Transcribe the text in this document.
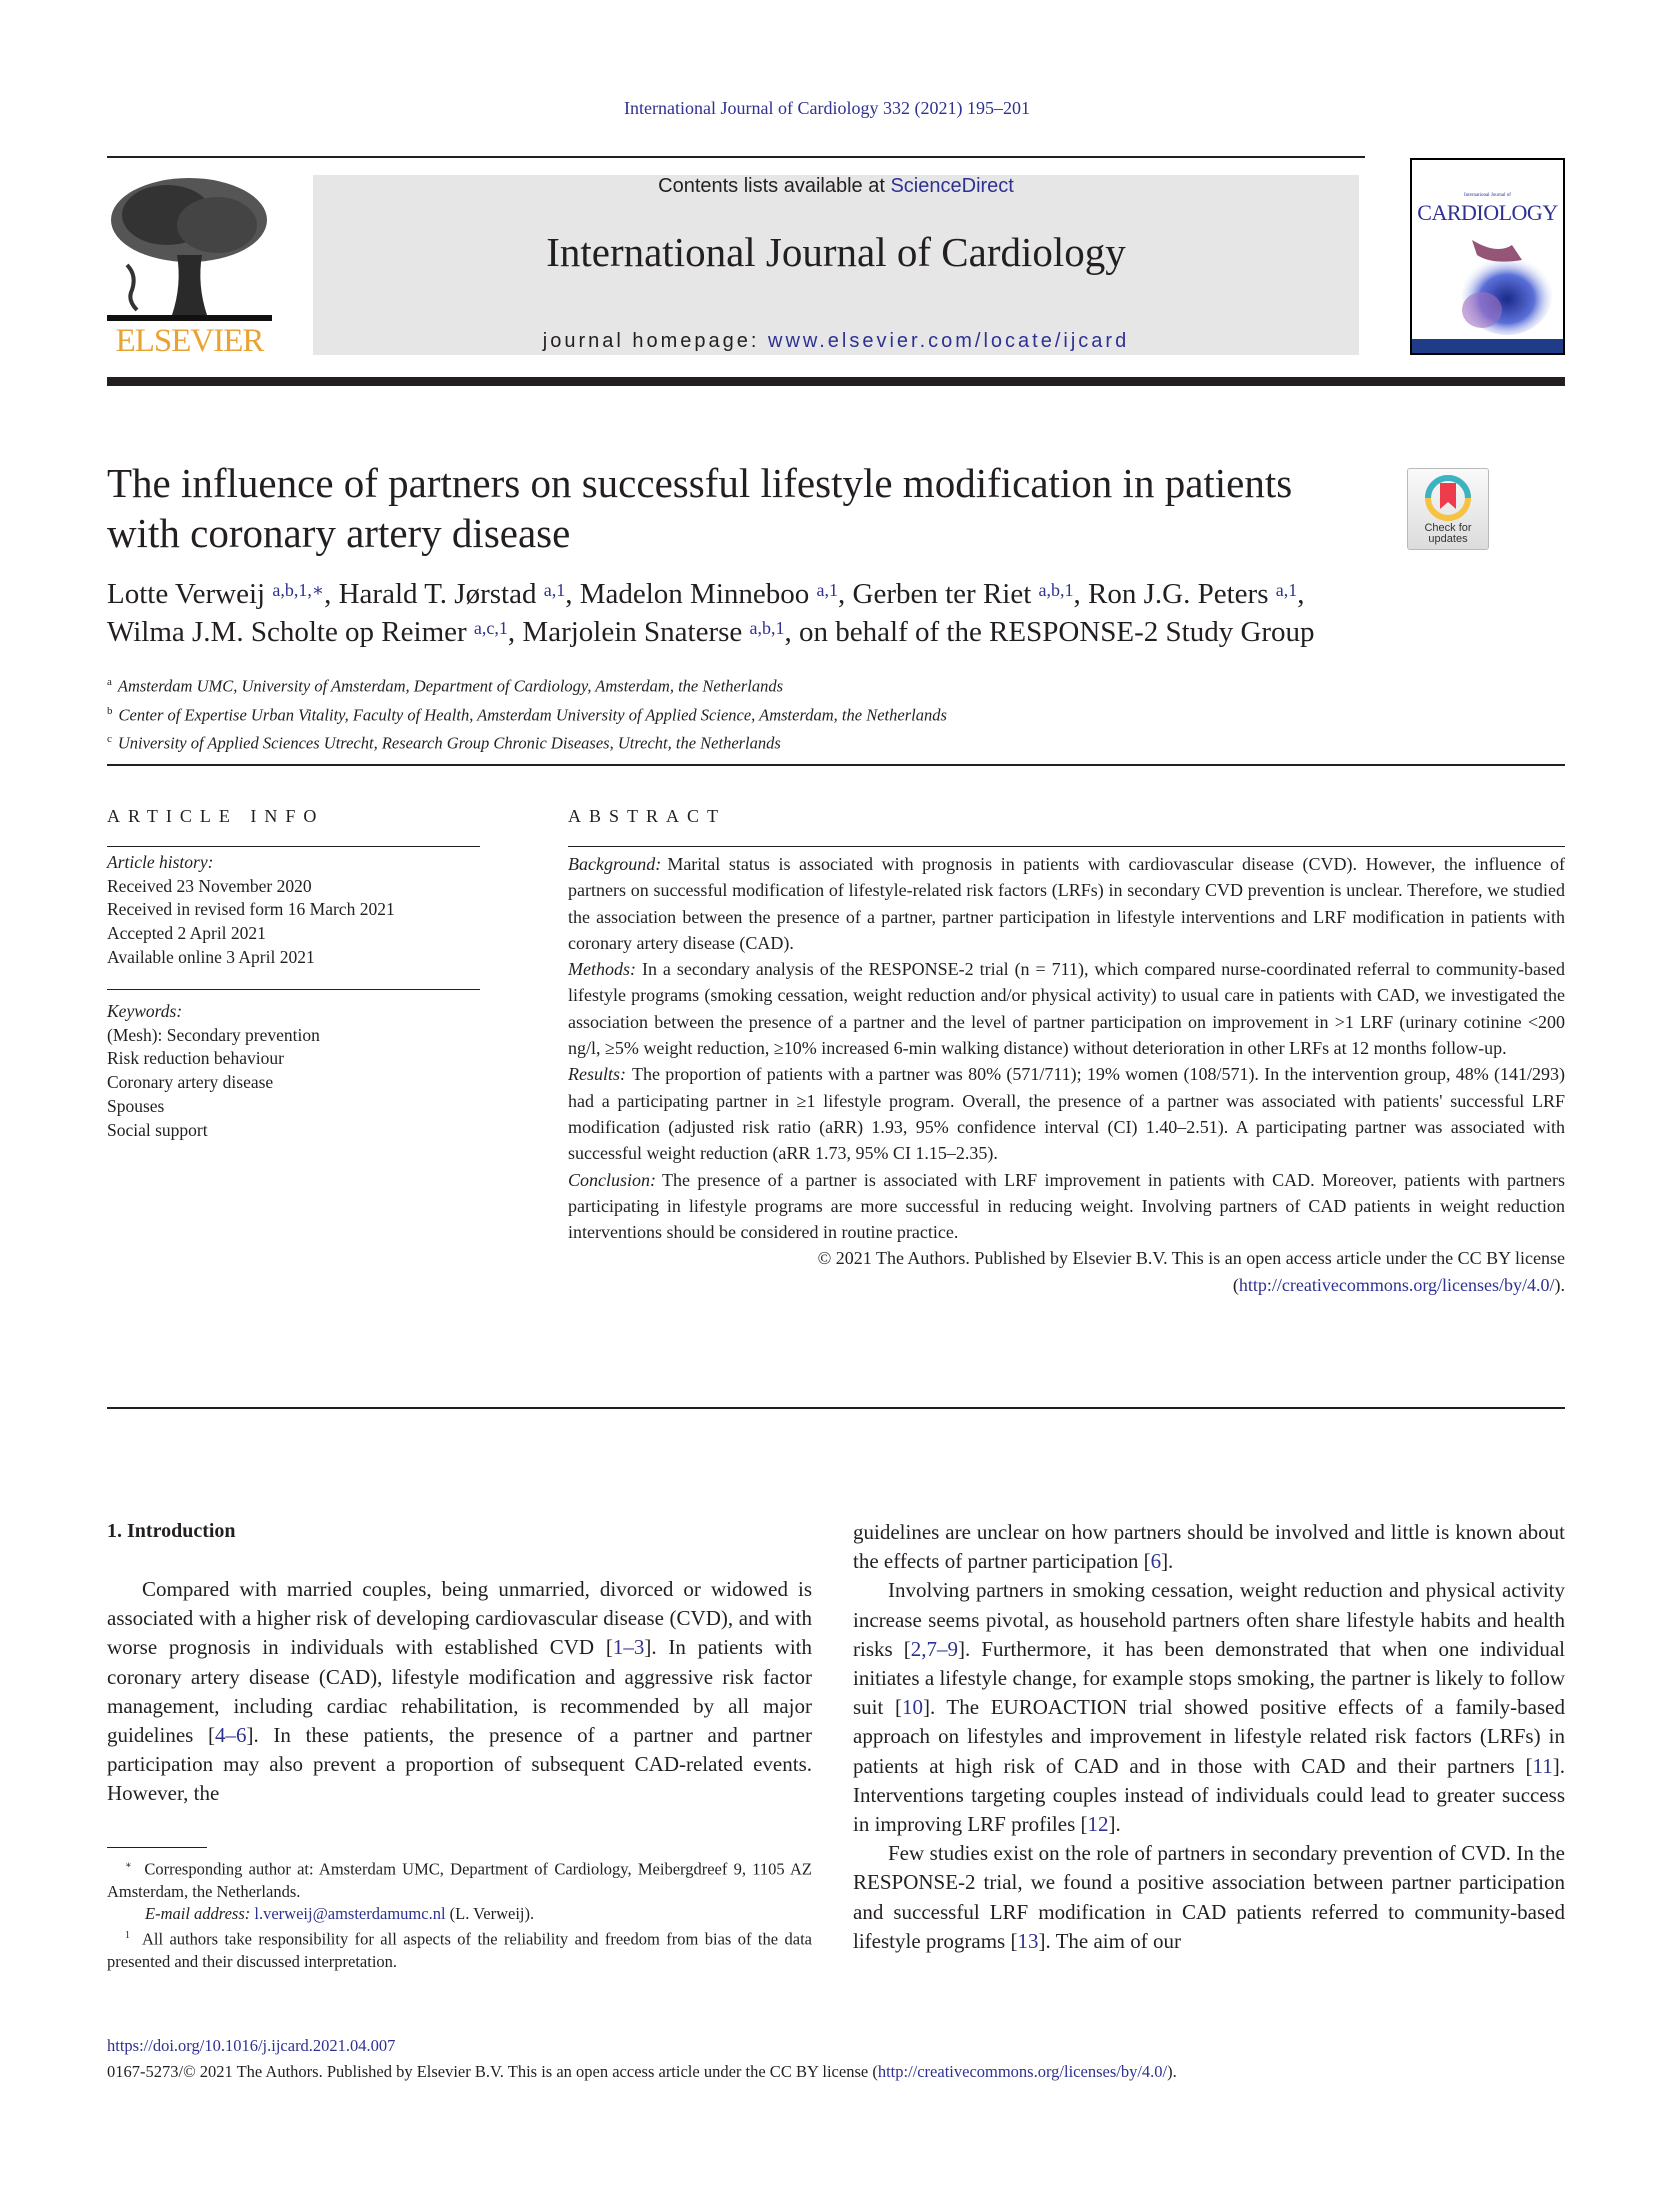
International Journal of Cardiology 332 (2021) 195–201
ELSEVIER
Contents lists available at ScienceDirect
International Journal of Cardiology
journal homepage: www.elsevier.com/locate/ijcard
International Journal of
CARDIOLOGY
The influence of partners on successful lifestyle modification in patients with coronary artery disease	Check for
updates
Lotte Verweij $^{a,b,1,∗}$, Harald T. Jørstad $^{a,1}$, Madelon Minneboo $^{a,1}$, Gerben ter Riet $^{a,b,1}$, Ron J.G. Peters $^{a,1}$,
Wilma J.M. Scholte op Reimer $^{a,c,1}$, Marjolein Snaterse $^{a,b,1}$, on behalf of the RESPONSE-2 Study Group
$^a$ Amsterdam UMC, University of Amsterdam, Department of Cardiology, Amsterdam, the Netherlands
$^b$ Center of Expertise Urban Vitality, Faculty of Health, Amsterdam University of Applied Science, Amsterdam, the Netherlands
$^c$ University of Applied Sciences Utrecht, Research Group Chronic Diseases, Utrecht, the Netherlands
ARTICLE INFO	ABSTRACT
Article history:
Received 23 November 2020
Received in revised form 16 March 2021
Accepted 2 April 2021
Available online 3 April 2021
Keywords:
(Mesh): Secondary prevention
Risk reduction behaviour
Coronary artery disease
Spouses
Social support

Background: Marital status is associated with prognosis in patients with cardiovascular disease (CVD). However, the influence of partners on successful modification of lifestyle-related risk factors (LRFs) in secondary CVD prevention is unclear. Therefore, we studied the association between the presence of a partner, partner participation in lifestyle interventions and LRF modification in patients with coronary artery disease (CAD).

Methods: In a secondary analysis of the RESPONSE-2 trial (n = 711), which compared nurse-coordinated referral to community-based lifestyle programs (smoking cessation, weight reduction and/or physical activity) to usual care in patients with CAD, we investigated the association between the presence of a partner and the level of partner participation on improvement in >1 LRF (urinary cotinine <200 ng/l, ≥5% weight reduction, ≥10% increased 6-min walking distance) without deterioration in other LRFs at 12 months follow-up.

Results: The proportion of patients with a partner was 80% (571/711); 19% women (108/571). In the intervention group, 48% (141/293) had a participating partner in ≥1 lifestyle program. Overall, the presence of a partner was associated with patients' successful LRF modification (adjusted risk ratio (aRR) 1.93, 95% confidence interval (CI) 1.40–2.51). A participating partner was associated with successful weight reduction (aRR 1.73, 95% CI 1.15–2.35).

Conclusion: The presence of a partner is associated with LRF improvement in patients with CAD. Moreover, patients with partners participating in lifestyle programs are more successful in reducing weight. Involving partners of CAD patients in weight reduction interventions should be considered in routine practice.

© 2021 The Authors. Published by Elsevier B.V. This is an open access article under the CC BY license (http://creativecommons.org/licenses/by/4.0/).

1. Introduction

Compared with married couples, being unmarried, divorced or widowed is associated with a higher risk of developing cardiovascular disease (CVD), and with worse prognosis in individuals with established CVD [1–3]. In patients with coronary artery disease (CAD), lifestyle modification and aggressive risk factor management, including cardiac rehabilitation, is recommended by all major guidelines [4–6]. In these patients, the presence of a partner and partner participation may also prevent a proportion of subsequent CAD-related events. However, the

∗ Corresponding author at: Amsterdam UMC, Department of Cardiology, Meibergdreef 9, 1105 AZ Amsterdam, the Netherlands.

E-mail address: l.verweij@amsterdamumc.nl (L. Verweij).

$^1$ All authors take responsibility for all aspects of the reliability and freedom from bias of the data presented and their discussed interpretation.

guidelines are unclear on how partners should be involved and little is known about the effects of partner participation [6].

Involving partners in smoking cessation, weight reduction and physical activity increase seems pivotal, as household partners often share lifestyle habits and health risks [2,7–9]. Furthermore, it has been demonstrated that when one individual initiates a lifestyle change, for example stops smoking, the partner is likely to follow suit [10]. The EUROACTION trial showed positive effects of a family-based approach on lifestyles and improvement in lifestyle related risk factors (LRFs) in patients at high risk of CAD and in those with CAD and their partners [11]. Interventions targeting couples instead of individuals could lead to greater success in improving LRF profiles [12].

Few studies exist on the role of partners in secondary prevention of CVD. In the RESPONSE-2 trial, we found a positive association between partner participation and successful LRF modification in CAD patients referred to community-based lifestyle programs [13]. The aim of our

https://doi.org/10.1016/j.ijcard.2021.04.007
0167-5273/© 2021 The Authors. Published by Elsevier B.V. This is an open access article under the CC BY license (http://creativecommons.org/licenses/by/4.0/).
